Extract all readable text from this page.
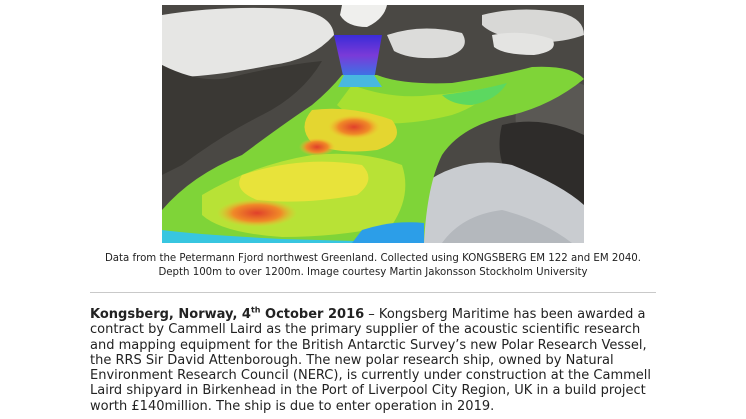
Data from the Petermann Fjord northwest Greenland. Collected using KONGSBERG EM 122 and EM 2040.
Depth 100m to over 1200m. Image courtesy Martin Jakonsson Stockholm University
Kongsberg, Norway, 4th October 2016 – Kongsberg Maritime has been awarded a contract by Cammell Laird as the primary supplier of the acoustic scientific research and mapping equipment for the British Antarctic Survey’s new Polar Research Vessel, the RRS Sir David Attenborough. The new polar research ship, owned by Natural Environment Research Council (NERC), is currently under construction at the Cammell Laird shipyard in Birkenhead in the Port of Liverpool City Region, UK in a build project worth £140million. The ship is due to enter operation in 2019.
